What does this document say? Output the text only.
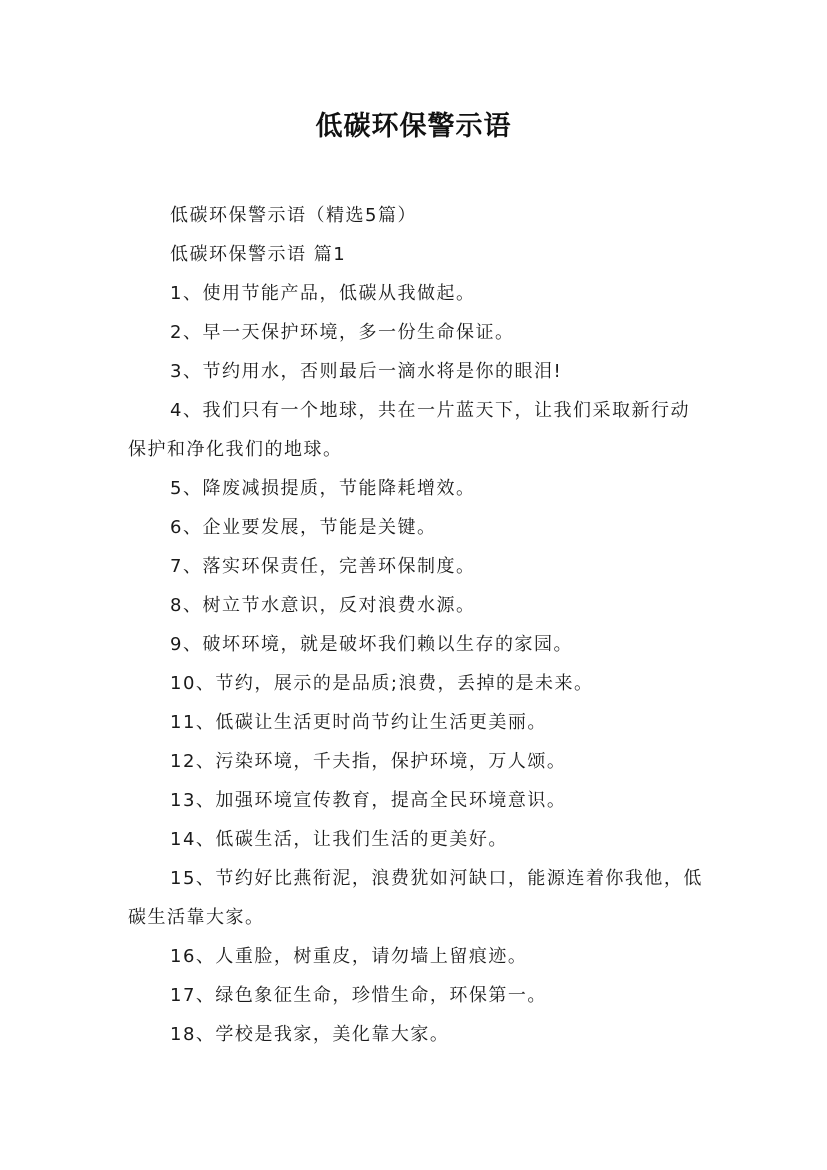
低碳环保警示语

低碳环保警示语（精选5篇）

低碳环保警示语 篇1

1、使用节能产品，低碳从我做起。

2、早一天保护环境，多一份生命保证。

3、节约用水，否则最后一滴水将是你的眼泪!

4、我们只有一个地球，共在一片蓝天下，让我们采取新行动保护和净化我们的地球。

5、降废减损提质，节能降耗增效。

6、企业要发展，节能是关键。

7、落实环保责任，完善环保制度。

8、树立节水意识，反对浪费水源。

9、破坏环境，就是破坏我们赖以生存的家园。

10、节约，展示的是品质;浪费，丢掉的是未来。

11、低碳让生活更时尚节约让生活更美丽。

12、污染环境，千夫指，保护环境，万人颂。

13、加强环境宣传教育，提高全民环境意识。

14、低碳生活，让我们生活的更美好。

15、节约好比燕衔泥，浪费犹如河缺口，能源连着你我他，低碳生活靠大家。

16、人重脸，树重皮，请勿墙上留痕迹。

17、绿色象征生命，珍惜生命，环保第一。

18、学校是我家，美化靠大家。
